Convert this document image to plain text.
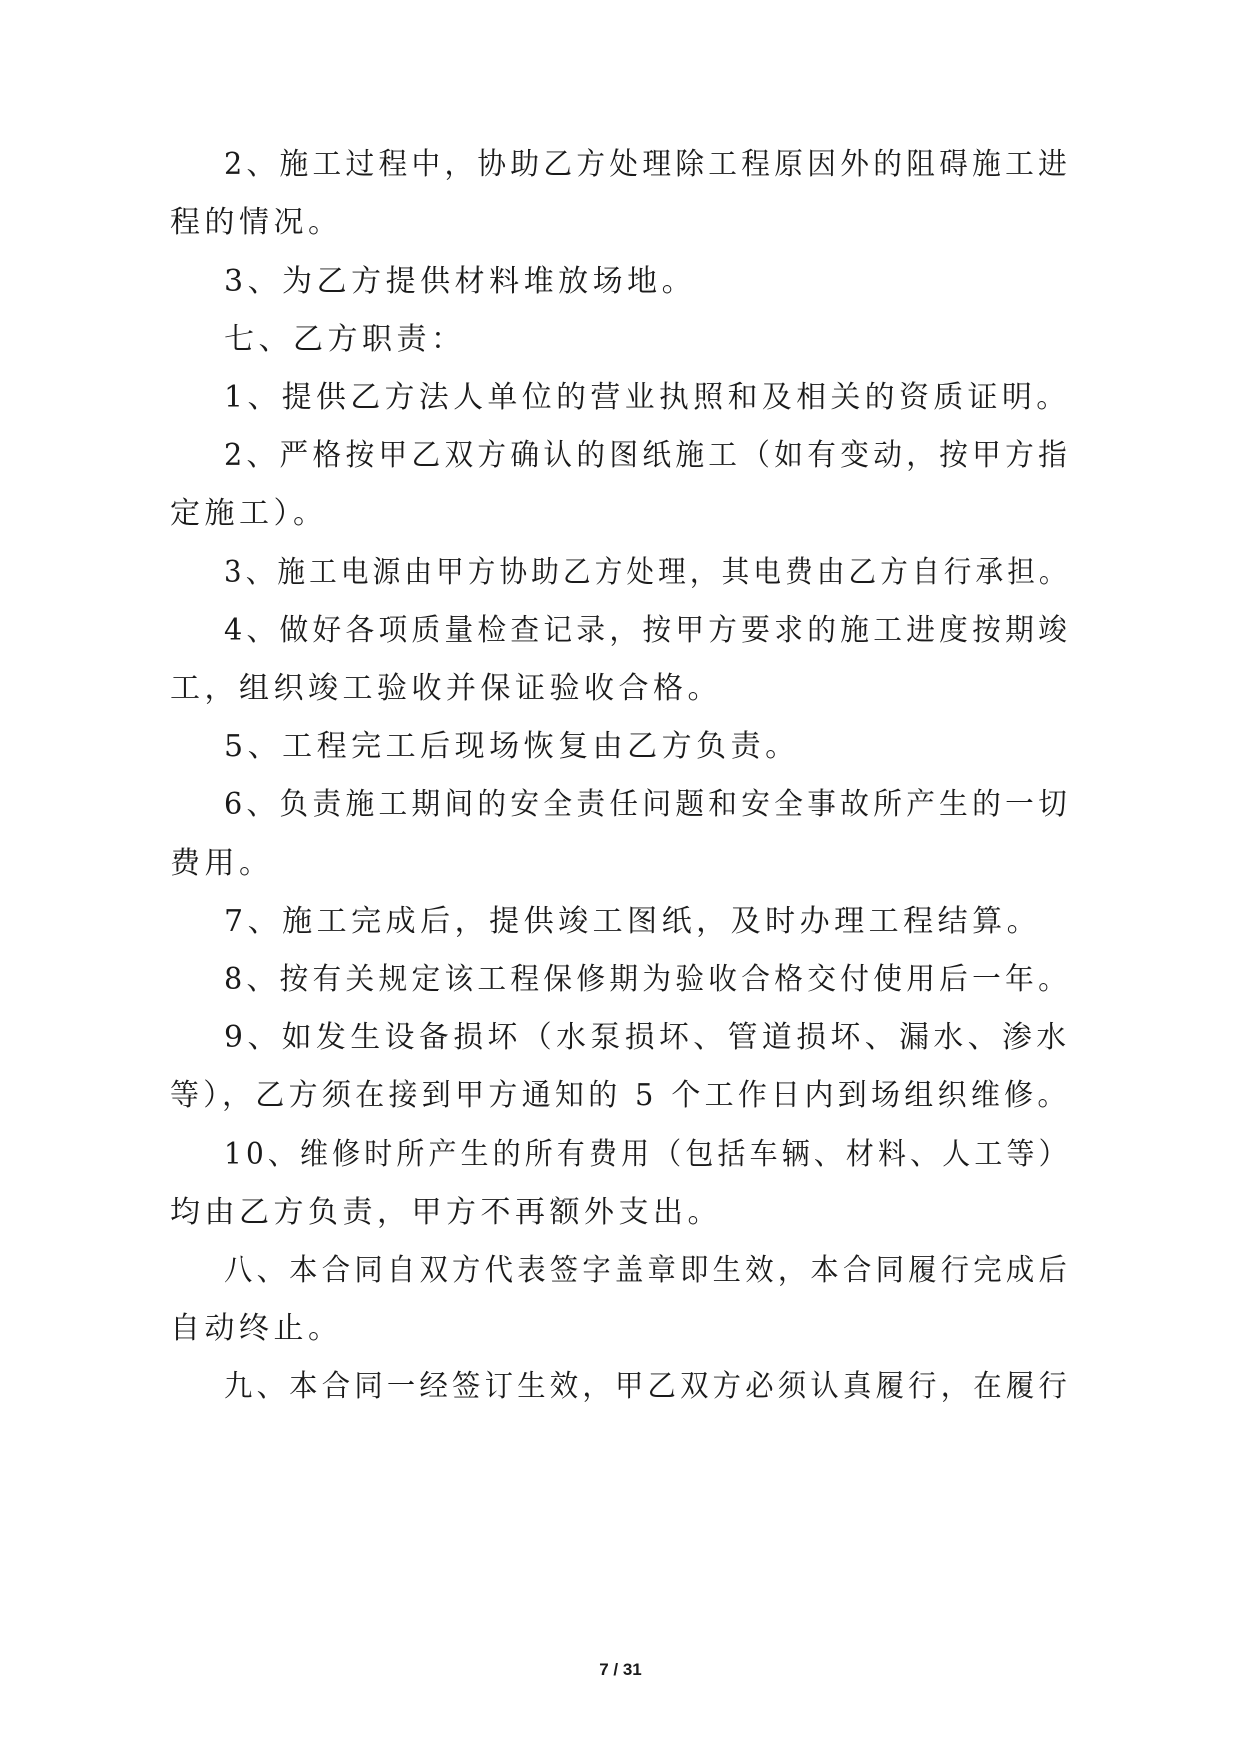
2、施工过程中，协助乙方处理除工程原因外的阻碍施工进
程的情况。
3、为乙方提供材料堆放场地。
七、乙方职责：
1、提供乙方法人单位的营业执照和及相关的资质证明。
2、严格按甲乙双方确认的图纸施工（如有变动，按甲方指
定施工）。
3、施工电源由甲方协助乙方处理，其电费由乙方自行承担。
4、做好各项质量检查记录，按甲方要求的施工进度按期竣
工，组织竣工验收并保证验收合格。
5、工程完工后现场恢复由乙方负责。
6、负责施工期间的安全责任问题和安全事故所产生的一切
费用。
7、施工完成后，提供竣工图纸，及时办理工程结算。
8、按有关规定该工程保修期为验收合格交付使用后一年。
9、如发生设备损坏（水泵损坏、管道损坏、漏水、渗水
等），乙方须在接到甲方通知的 5 个工作日内到场组织维修。
10、维修时所产生的所有费用（包括车辆、材料、人工等）
均由乙方负责，甲方不再额外支出。
八、本合同自双方代表签字盖章即生效，本合同履行完成后
自动终止。
九、本合同一经签订生效，甲乙双方必须认真履行，在履行
7 / 31
